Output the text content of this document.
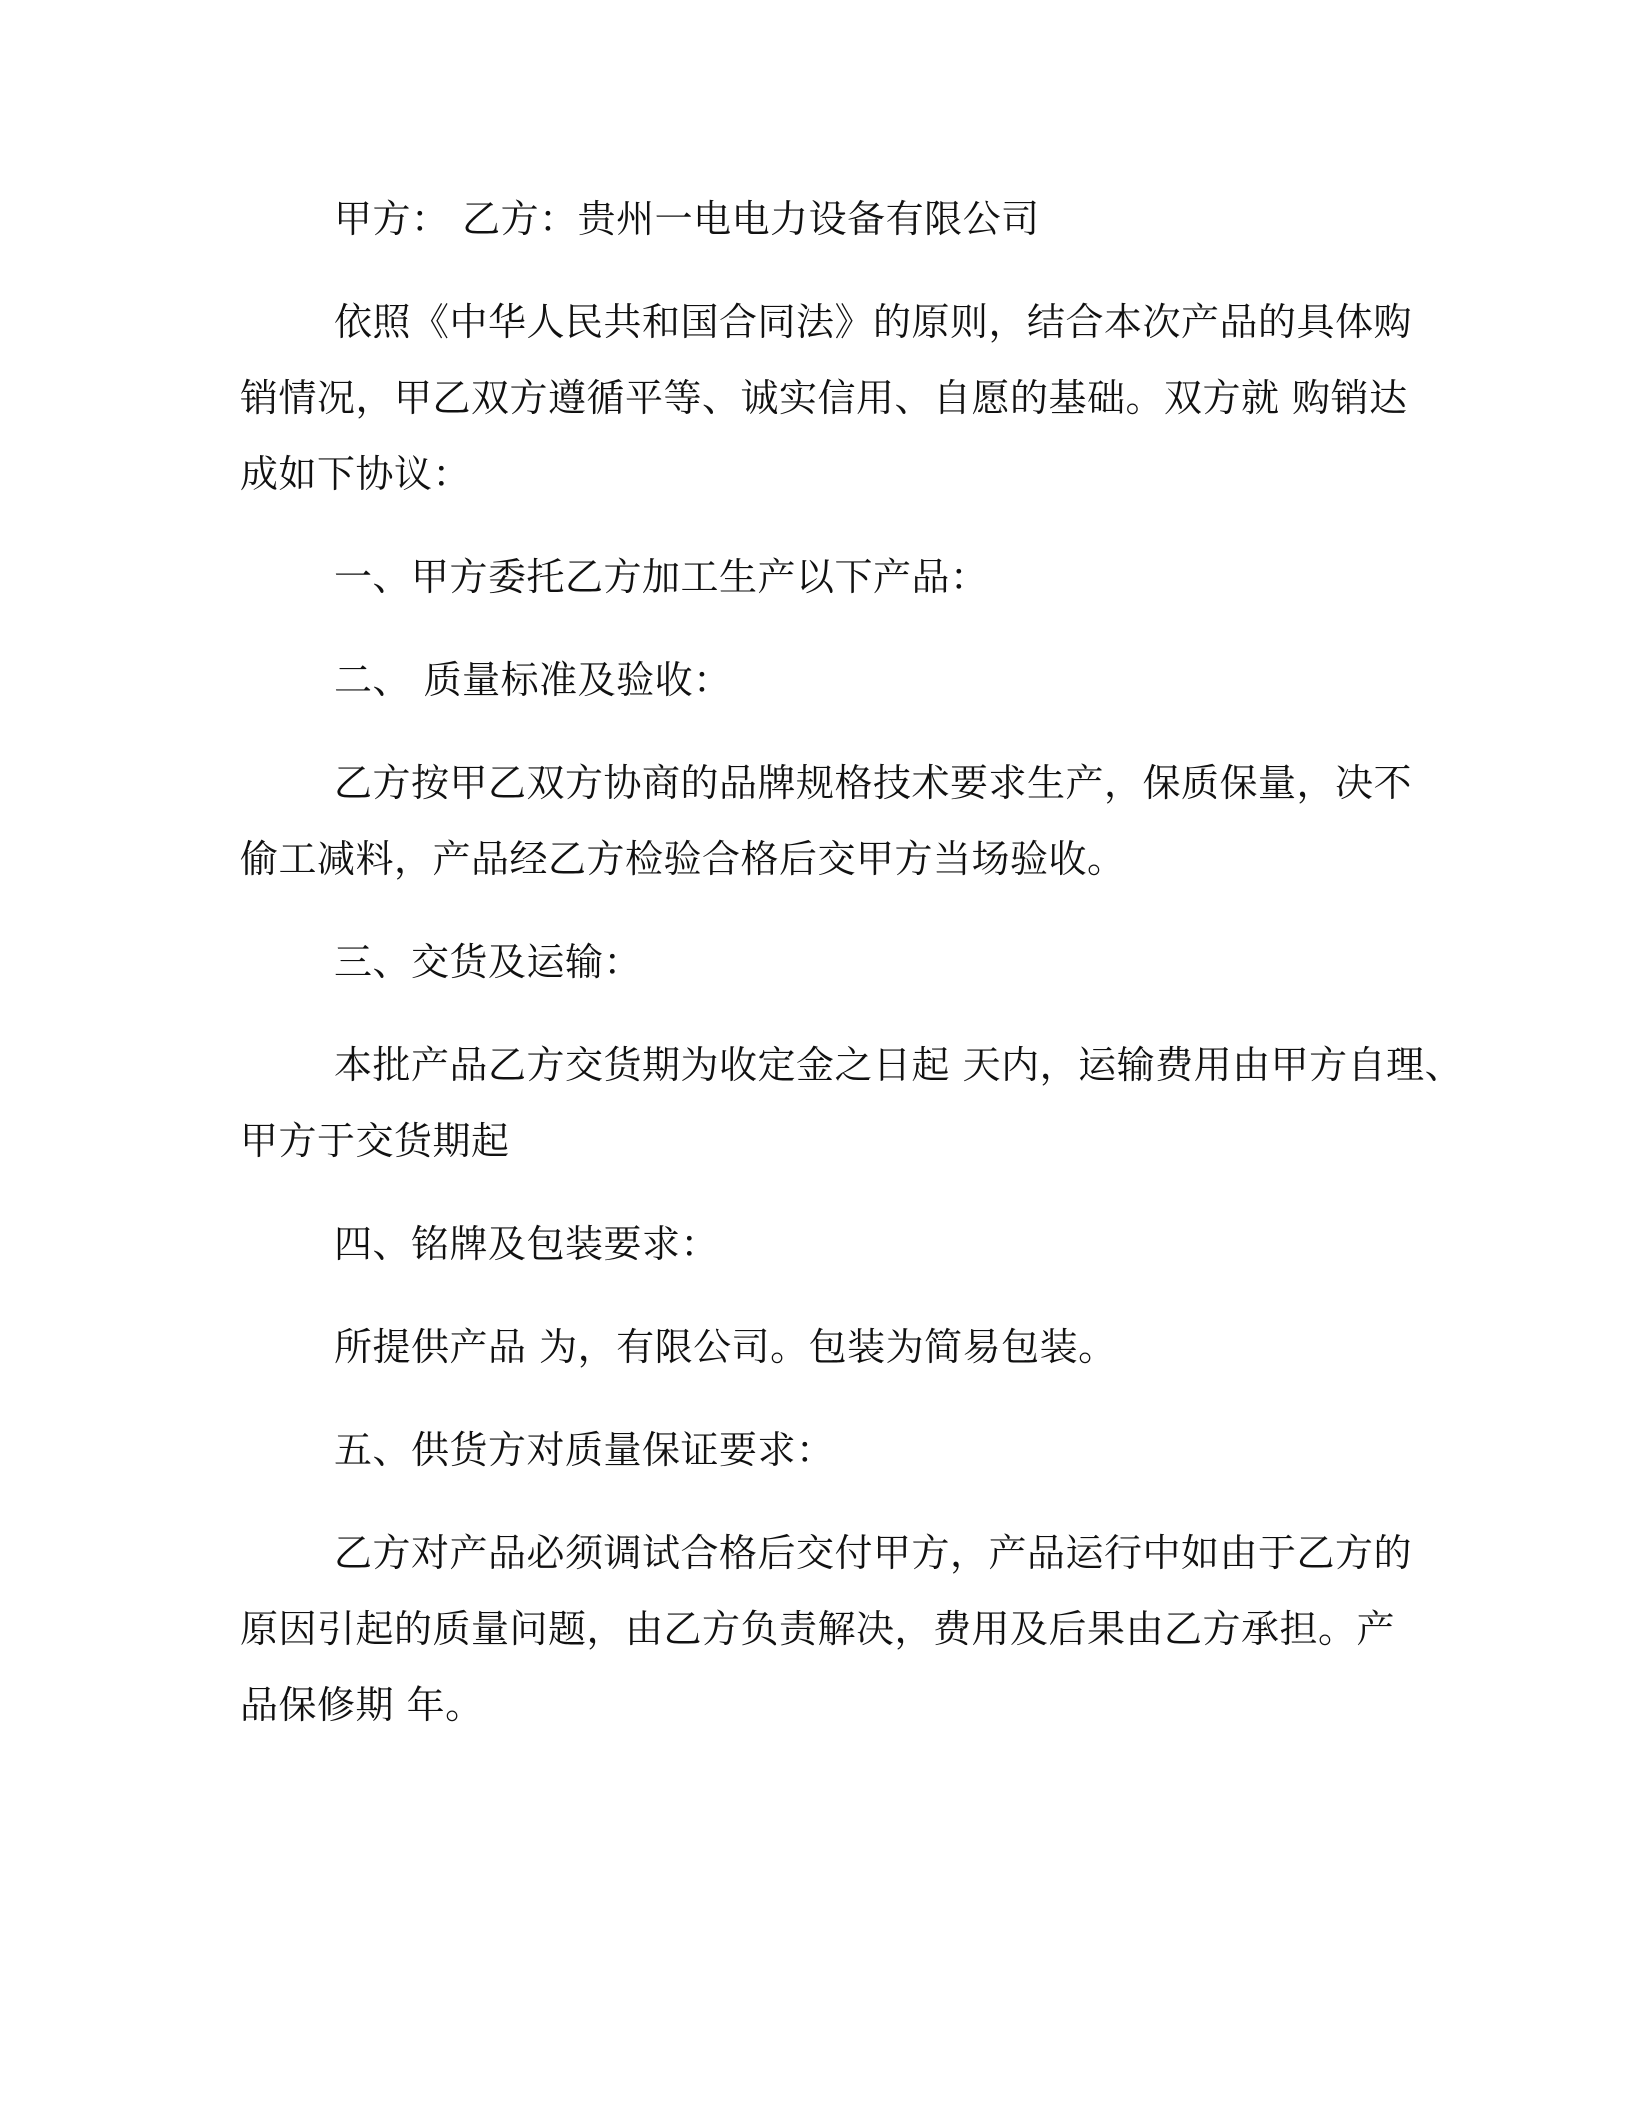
甲方： 乙方：贵州一电电力设备有限公司
依照《中华人民共和国合同法》的原则，结合本次产品的具体购
销情况，甲乙双方遵循平等、诚实信用、自愿的基础。双方就 购销达
成如下协议：
一、甲方委托乙方加工生产以下产品：
二、 质量标准及验收：
乙方按甲乙双方协商的品牌规格技术要求生产，保质保量，决不
偷工减料，产品经乙方检验合格后交甲方当场验收。
三、交货及运输：
本批产品乙方交货期为收定金之日起 天内，运输费用由甲方自理、
甲方于交货期起
四、铭牌及包装要求：
所提供产品 为，有限公司。包装为简易包装。
五、供货方对质量保证要求：
乙方对产品必须调试合格后交付甲方，产品运行中如由于乙方的
原因引起的质量问题，由乙方负责解决，费用及后果由乙方承担。产
品保修期 年。
